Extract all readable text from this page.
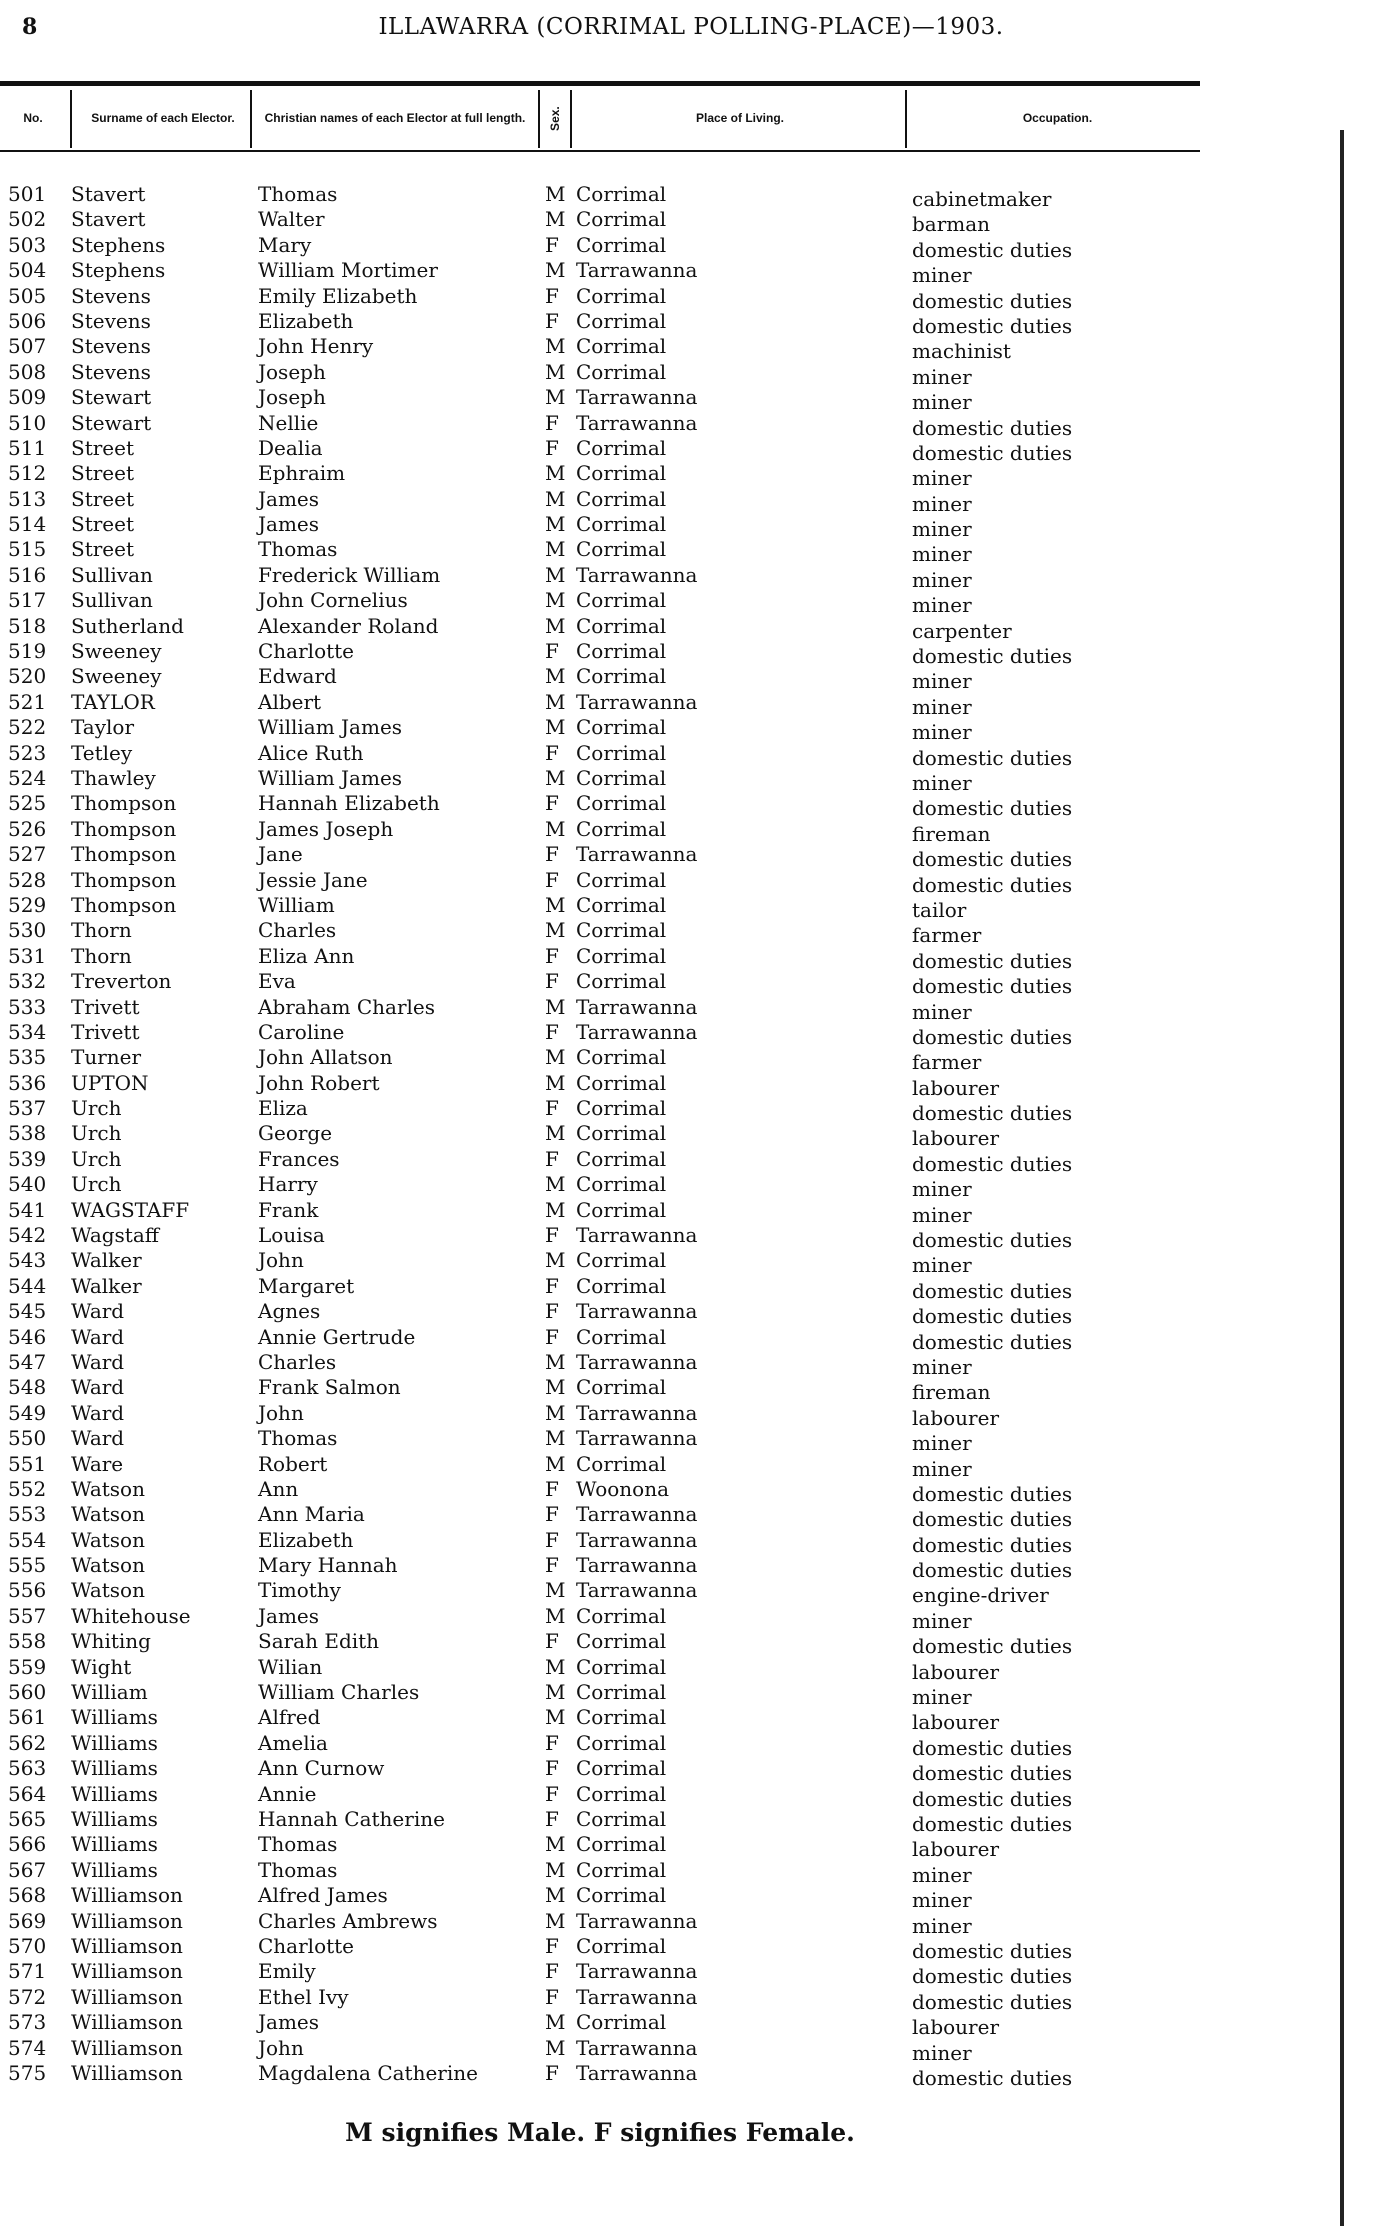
8	ILLAWARRA (CORRIMAL POLLING-PLACE)—1903.
No.	Surname of each Elector.	Christian names of each Elector at full length.	Sex.	Place of Living.	Occupation.
501	Stavert	Thomas	M Corrimal	cabinetmaker
502	Stavert	Walter	M Corrimal	barman
503	Stephens	Mary	F Corrimal	domestic duties
504	Stephens	William Mortimer	M Tarrawanna	miner
505	Stevens	Emily Elizabeth	F Corrimal	domestic duties
506	Stevens	Elizabeth	F Corrimal	domestic duties
507	Stevens	John Henry	M Corrimal	machinist
508	Stevens	Joseph	M Corrimal	miner
509	Stewart	Joseph	M Tarrawanna	miner
510	Stewart	Nellie	F Tarrawanna	domestic duties
511	Street	Dealia	F Corrimal	domestic duties
512	Street	Ephraim	M Corrimal	miner
513	Street	James	M Corrimal	miner
514	Street	James	M Corrimal	miner
515	Street	Thomas	M Corrimal	miner
516	Sullivan	Frederick William	M Tarrawanna	miner
517	Sullivan	John Cornelius	M Corrimal	miner
518	Sutherland	Alexander Roland	M Corrimal	carpenter
519	Sweeney	Charlotte	F Corrimal	domestic duties
520	Sweeney	Edward	M Corrimal	miner
521	TAYLOR	Albert	M Tarrawanna	miner
522	Taylor	William James	M Corrimal	miner
523	Tetley	Alice Ruth	F Corrimal	domestic duties
524	Thawley	William James	M Corrimal	miner
525	Thompson	Hannah Elizabeth	F Corrimal	domestic duties
526	Thompson	James Joseph	M Corrimal	fireman
527	Thompson	Jane	F Tarrawanna	domestic duties
528	Thompson	Jessie Jane	F Corrimal	domestic duties
529	Thompson	William	M Corrimal	tailor
530	Thorn	Charles	M Corrimal	farmer
531	Thorn	Eliza Ann	F Corrimal	domestic duties
532	Treverton	Eva	F Corrimal	domestic duties
533	Trivett	Abraham Charles	M Tarrawanna	miner
534	Trivett	Caroline	F Tarrawanna	domestic duties
535	Turner	John Allatson	M Corrimal	farmer
536	UPTON	John Robert	M Corrimal	labourer
537	Urch	Eliza	F Corrimal	domestic duties
538	Urch	George	M Corrimal	labourer
539	Urch	Frances	F Corrimal	domestic duties
540	Urch	Harry	M Corrimal	miner
541	WAGSTAFF	Frank	M Corrimal	miner
542	Wagstaff	Louisa	F Tarrawanna	domestic duties
543	Walker	John	M Corrimal	miner
544	Walker	Margaret	F Corrimal	domestic duties
545	Ward	Agnes	F Tarrawanna	domestic duties
546	Ward	Annie Gertrude	F Corrimal	domestic duties
547	Ward	Charles	M Tarrawanna	miner
548	Ward	Frank Salmon	M Corrimal	fireman
549	Ward	John	M Tarrawanna	labourer
550	Ward	Thomas	M Tarrawanna	miner
551	Ware	Robert	M Corrimal	miner
552	Watson	Ann	F Woonona	domestic duties
553	Watson	Ann Maria	F Tarrawanna	domestic duties
554	Watson	Elizabeth	F Tarrawanna	domestic duties
555	Watson	Mary Hannah	F Tarrawanna	domestic duties
556	Watson	Timothy	M Tarrawanna	engine-driver
557	Whitehouse	James	M Corrimal	miner
558	Whiting	Sarah Edith	F Corrimal	domestic duties
559	Wight	Wilian	M Corrimal	labourer
560	William	William Charles	M Corrimal	miner
561	Williams	Alfred	M Corrimal	labourer
562	Williams	Amelia	F Corrimal	domestic duties
563	Williams	Ann Curnow	F Corrimal	domestic duties
564	Williams	Annie	F Corrimal	domestic duties
565	Williams	Hannah Catherine	F Corrimal	domestic duties
566	Williams	Thomas	M Corrimal	labourer
567	Williams	Thomas	M Corrimal	miner
568	Williamson	Alfred James	M Corrimal	miner
569	Williamson	Charles Ambrews	M Tarrawanna	miner
570	Williamson	Charlotte	F Corrimal	domestic duties
571	Williamson	Emily	F Tarrawanna	domestic duties
572	Williamson	Ethel Ivy	F Tarrawanna	domestic duties
573	Williamson	James	M Corrimal	labourer
574	Williamson	John	M Tarrawanna	miner
575	Williamson	Magdalena Catherine	F Tarrawanna	domestic duties
M signifies Male. F signifies Female.
